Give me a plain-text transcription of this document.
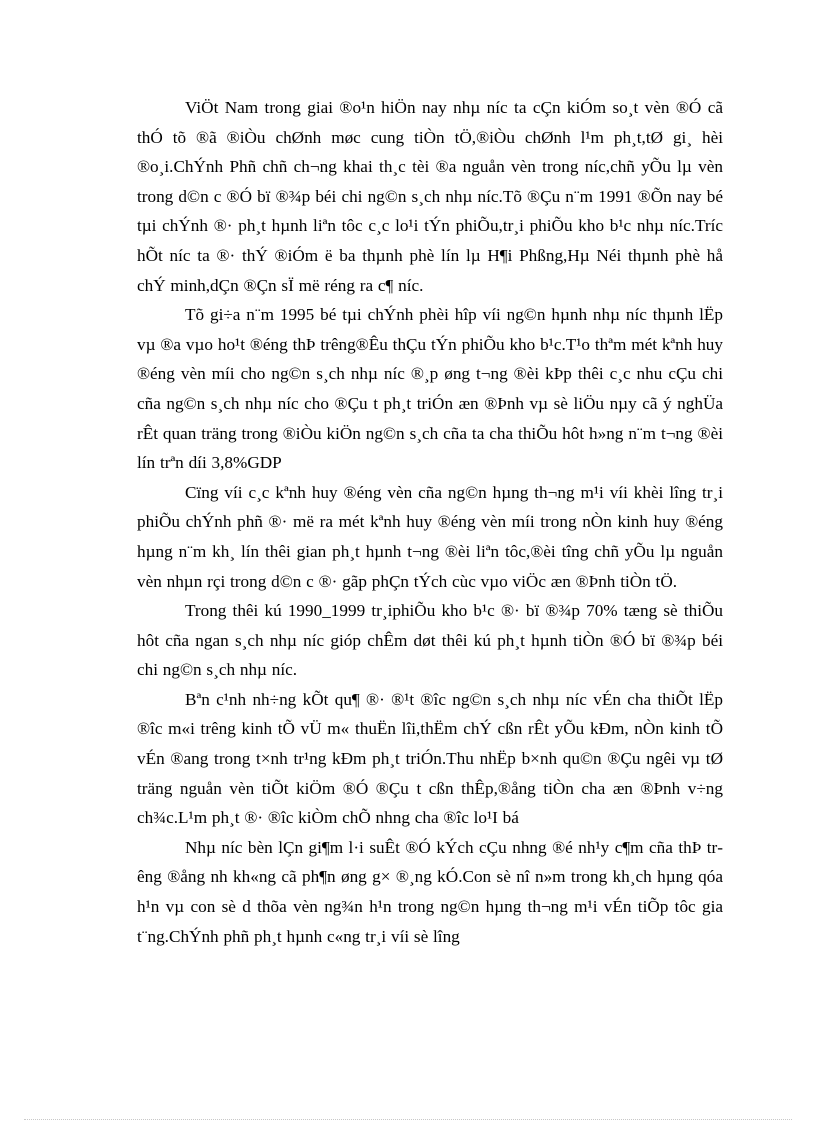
ViÖt Nam trong giai ®o¹n hiÖn nay nhµ níc ta cÇn kiÓm so¸t vèn ®Ó cã thÓ tõ ®ã ®iÒu chØnh møc cung tiÒn tÖ,®iÒu chØnh l¹m ph¸t,tØ gi¸ hèi ®o¸i.ChÝnh Phñ chñ ch¬ng khai th¸c tèi ®a nguån vèn trong níc,chñ yÕu lµ vèn trong d©n c ®Ó bï ®¾p béi chi ng©n s¸ch nhµ níc.Tõ ®Çu n¨m 1991 ®Õn nay bé tµi chÝnh ®· ph¸t hµnh liªn tôc c¸c lo¹i tÝn phiÕu,tr¸i phiÕu kho b¹c nhµ níc.Tríc hÕt níc ta ®· thÝ ®iÓm ë ba thµnh phè lín lµ H¶i Phßng,Hµ Néi thµnh phè hå chÝ minh,dÇn ®Çn sÏ më réng ra c¶ níc.

Tõ gi÷a n¨m 1995 bé tµi chÝnh phèi hîp víi ng©n hµnh nhµ níc thµnh lËp vµ ®a vµo ho¹t ®éng thÞ trêng®Êu thÇu tÝn phiÕu kho b¹c.T¹o thªm mét kªnh huy ®éng vèn míi cho ng©n s¸ch nhµ níc ®¸p øng t¬ng ®èi kÞp thêi c¸c nhu cÇu chi cña ng©n s¸ch nhµ níc cho ®Çu t ph¸t triÓn æn ®Þnh vµ sè liÖu nµy cã ý nghÜa rÊt quan träng trong ®iÒu kiÖn ng©n s¸ch cña ta cha thiÕu hôt h»ng n¨m t¬ng ®èi lín trªn díi 3,8%GDP

Cïng víi c¸c kªnh huy ®éng vèn cña ng©n hµng th¬ng m¹i víi khèi lîng tr¸i phiÕu chÝnh phñ ®· më ra mét kªnh huy ®éng vèn míi trong nÒn kinh huy ®éng hµng n¨m kh¸ lín thêi gian ph¸t hµnh t¬ng ®èi liªn tôc,®èi tîng chñ yÕu lµ nguån vèn nhµn rçi trong d©n c ®· gãp phÇn tÝch cùc vµo viÖc æn ®Þnh tiÒn tÖ.

Trong thêi kú 1990_1999 tr¸iphiÕu kho b¹c ®· bï ®¾p 70% tæng sè thiÕu hôt cña ngan s¸ch nhµ níc gióp chÊm døt thêi kú ph¸t hµnh tiÒn ®Ó bï ®¾p béi chi ng©n s¸ch nhµ níc.

Bªn c¹nh nh÷ng kÕt qu¶ ®· ®¹t ®îc ng©n s¸ch nhµ níc vÉn cha thiÕt lËp ®îc m«i trêng kinh tÕ vÜ m« thuËn lîi,thËm chÝ cßn rÊt yÕu kÐm, nÒn kinh tÕ vÉn ®ang trong t×nh tr¹ng kÐm ph¸t triÓn.Thu nhËp b×nh qu©n ®Çu ngêi vµ tØ träng nguån vèn tiÕt kiÖm ®Ó ®Çu t cßn thÊp,®ång tiÒn cha æn ®Þnh v÷ng ch¾c.L¹m ph¸t ®· ®îc kiÒm chÕ nhng cha ®îc lo¹I bá

Nhµ níc bèn lÇn gi¶m l·i suÊt ®Ó kÝch cÇu nhng ®é nh¹y c¶m cña thÞ trêng ®ång nh kh«ng cã ph¶n øng g× ®¸ng kÓ.Con sè nî n»m trong kh¸ch hµng qóa h¹n vµ con sè d thõa vèn ng¾n h¹n trong ng©n hµng th¬ng m¹i vÉn tiÕp tôc gia t¨ng.ChÝnh phñ ph¸t hµnh c«ng tr¸i víi sè lîng
